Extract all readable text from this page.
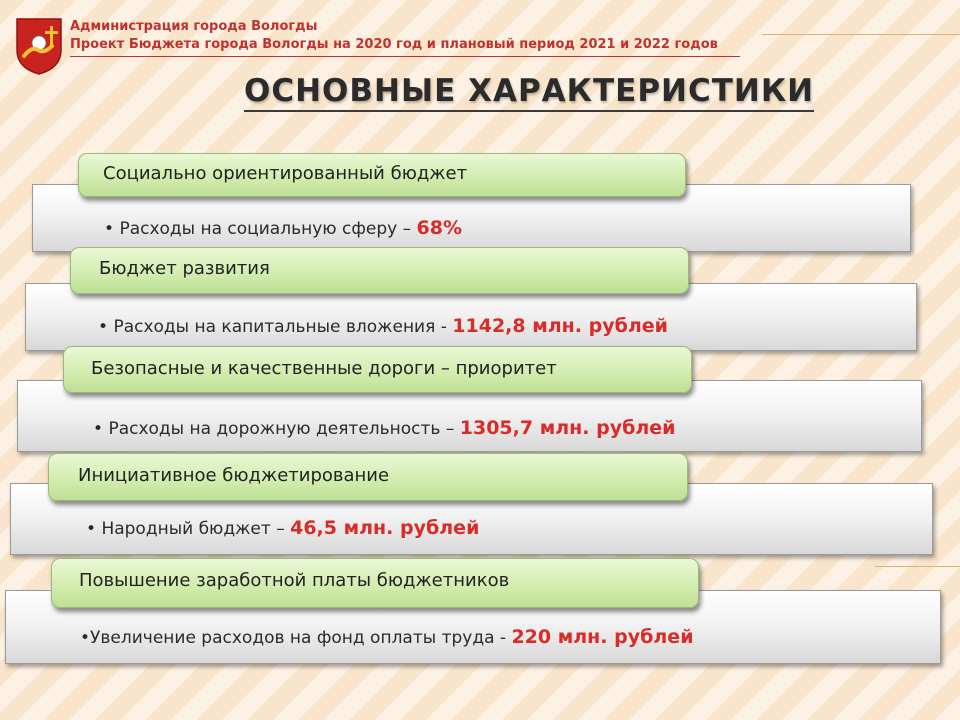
Администрация города Вологды
Проект Бюджета города Вологды на 2020 год и плановый период 2021 и 2022 годов
ОСНОВНЫЕ ХАРАКТЕРИСТИКИ
• Расходы на социальную сферу – 68%
Социально ориентированный бюджет
• Расходы на капитальные вложения - 1142,8 млн. рублей
Бюджет развития
• Расходы на дорожную деятельность – 1305,7 млн. рублей
Безопасные и качественные дороги – приоритет
• Народный бюджет – 46,5 млн. рублей
Инициативное бюджетирование
•Увеличение расходов на фонд оплаты труда - 220 млн. рублей
Повышение заработной платы бюджетников
